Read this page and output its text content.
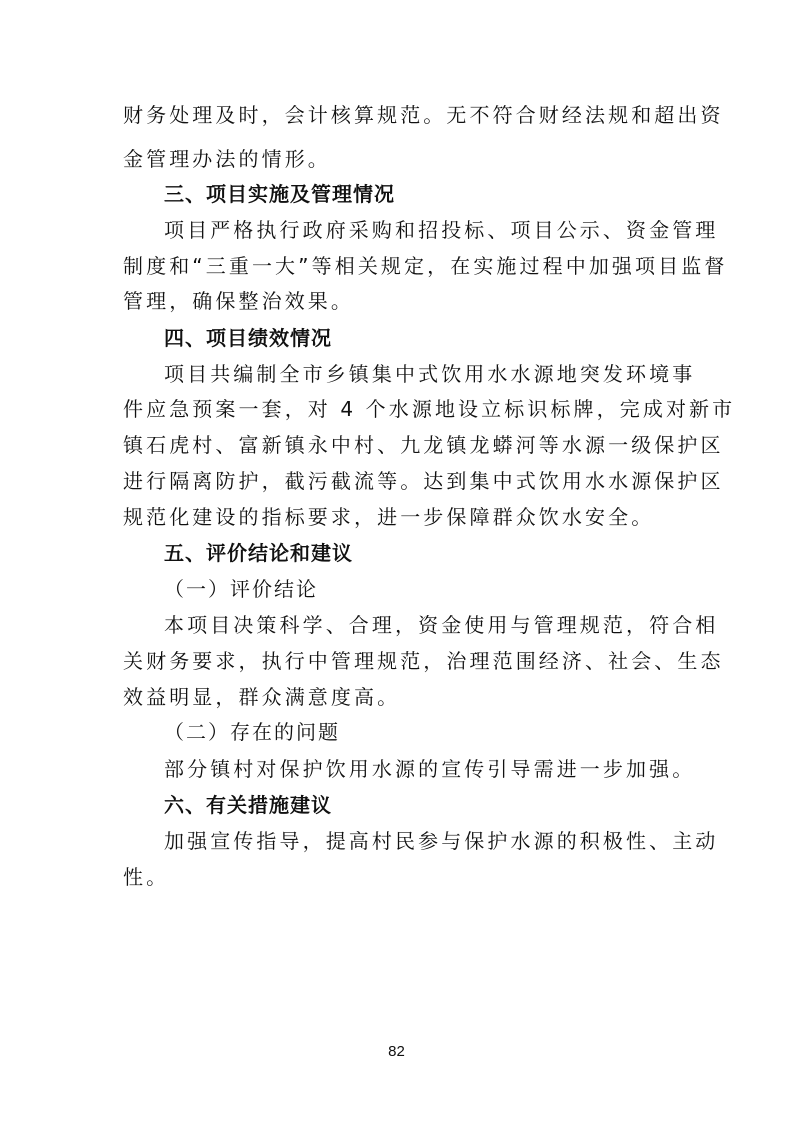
财务处理及时，会计核算规范。无不符合财经法规和超出资
金管理办法的情形。
三、项目实施及管理情况
项目严格执行政府采购和招投标、项目公示、资金管理
制度和“三重一大”等相关规定，在实施过程中加强项目监督
管理，确保整治效果。
四、项目绩效情况
项目共编制全市乡镇集中式饮用水水源地突发环境事
件应急预案一套，对 4 个水源地设立标识标牌，完成对新市
镇石虎村、富新镇永中村、九龙镇龙蟒河等水源一级保护区
进行隔离防护，截污截流等。达到集中式饮用水水源保护区
规范化建设的指标要求，进一步保障群众饮水安全。
五、评价结论和建议
（一）评价结论
本项目决策科学、合理，资金使用与管理规范，符合相
关财务要求，执行中管理规范，治理范围经济、社会、生态
效益明显，群众满意度高。
（二）存在的问题
部分镇村对保护饮用水源的宣传引导需进一步加强。
六、有关措施建议
加强宣传指导，提高村民参与保护水源的积极性、主动
性。
82
